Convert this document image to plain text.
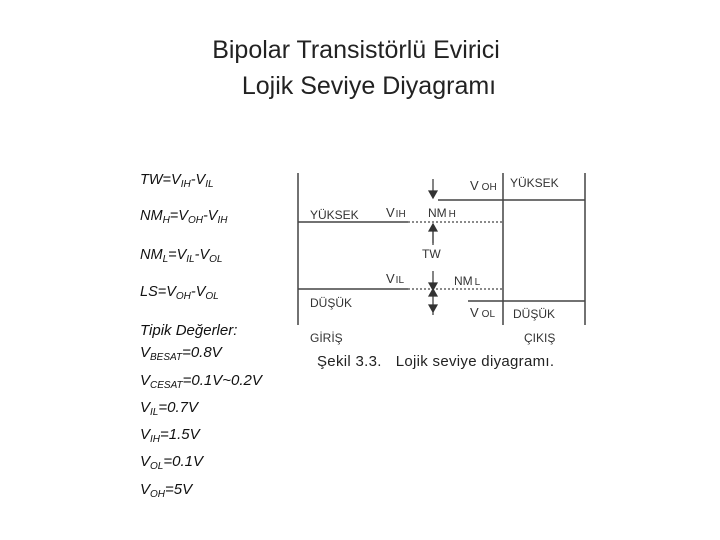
Bipolar Transistörlü Evirici
Lojik Seviye Diyagramı
$TW=V_{IH}-V_{IL}$
$NM_H=V_{OH}-V_{IH}$
$NM_L=V_{IL}-V_{OL}$
$LS=V_{OH}-V_{OL}$
Tipik Değerler:
$V_{BESAT}=0.8V$
$V_{CESAT}=0.1V\sim 0.2V$
$V_{IL}=0.7V$
$V_{IH}=1.5V$
$V_{OL}=0.1V$
$V_{OH}=5V$
YÜKSEK
YÜKSEK
DÜŞÜK
DÜŞÜK
GİRİŞ	ÇIKIŞ
V OH
VIH
VIL
V OL
NM H
NM L
TW
Şekil 3.3. Lojik seviye diyagramı.
